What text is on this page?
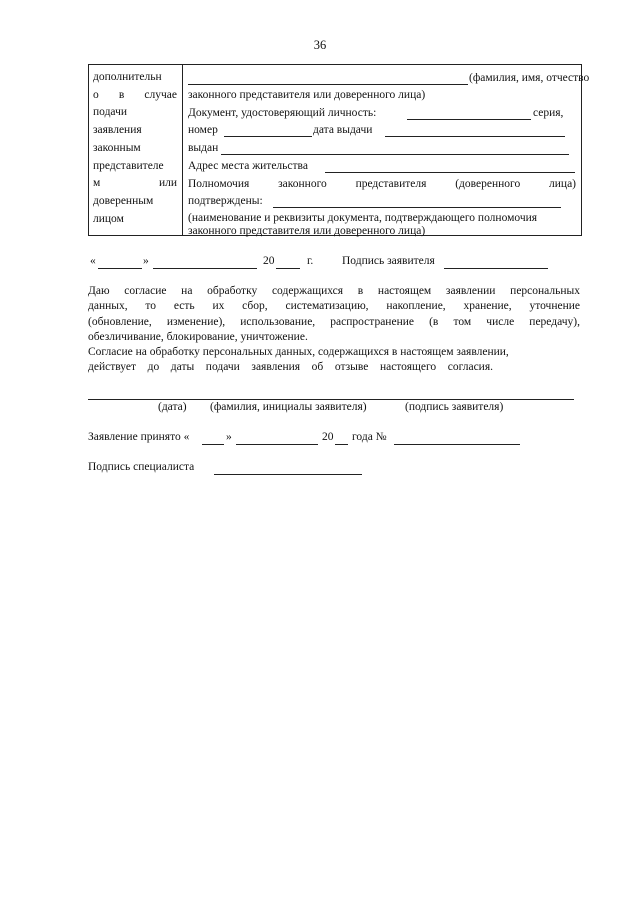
36
дополнительн
о в случае
подачи
заявления
законным
представителе
м	или
доверенным
лицом
(фамилия, имя, отчество
законного представителя или доверенного лица)
Документ, удостоверяющий личность:	серия,
номер	дата выдачи
выдан
Адрес места жительства
Полномочия	законного	представителя	(доверенного	лица)
подтверждены:
(наименование и реквизиты документа, подтверждающего полномочия
законного представителя или доверенного лица)
«	»	20	г. Подпись заявителя
Даю согласие на обработку содержащихся в настоящем заявлении персональных
данных, то есть их сбор, систематизацию, накопление, хранение, уточнение
(обновление, изменение), использование, распространение (в том числе передачу),
обезличивание, блокирование, уничтожение.
Согласие на обработку персональных данных, содержащихся в настоящем заявлении,
действует до даты подачи заявления об отзыве настоящего согласия.
(дата) (фамилия, инициалы заявителя)	(подпись заявителя)
Заявление принято «	»	20 года №
Подпись специалиста
